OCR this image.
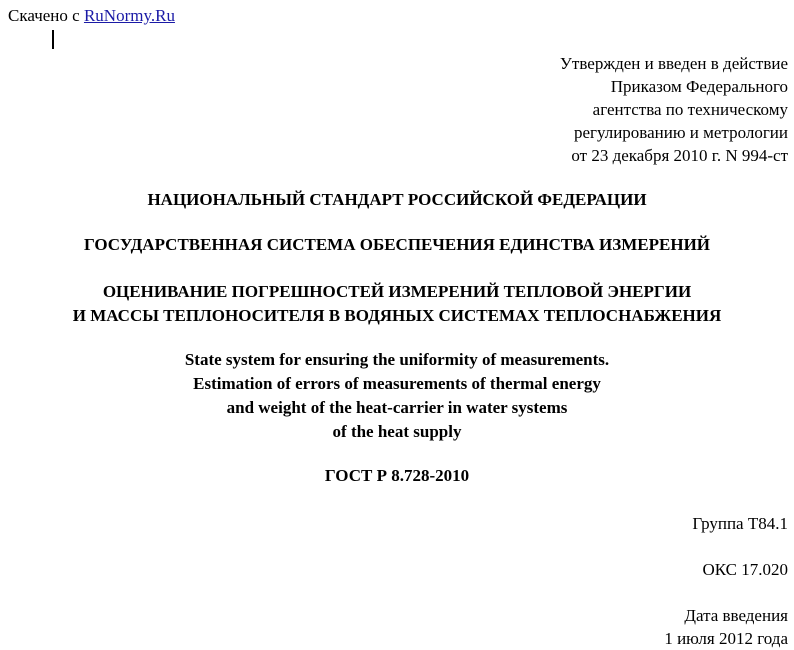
Скачено с RuNormy.Ru
Утвержден и введен в действие
Приказом Федерального
агентства по техническому
регулированию и метрологии
от 23 декабря 2010 г. N 994-ст
НАЦИОНАЛЬНЫЙ СТАНДАРТ РОССИЙСКОЙ ФЕДЕРАЦИИ
ГОСУДАРСТВЕННАЯ СИСТЕМА ОБЕСПЕЧЕНИЯ ЕДИНСТВА ИЗМЕРЕНИЙ
ОЦЕНИВАНИЕ ПОГРЕШНОСТЕЙ ИЗМЕРЕНИЙ ТЕПЛОВОЙ ЭНЕРГИИ
И МАССЫ ТЕПЛОНОСИТЕЛЯ В ВОДЯНЫХ СИСТЕМАХ ТЕПЛОСНАБЖЕНИЯ
State system for ensuring the uniformity of measurements.
Estimation of errors of measurements of thermal energy
and weight of the heat-carrier in water systems
of the heat supply
ГОСТ Р 8.728-2010
Группа Т84.1
ОКС 17.020
Дата введения
1 июля 2012 года
